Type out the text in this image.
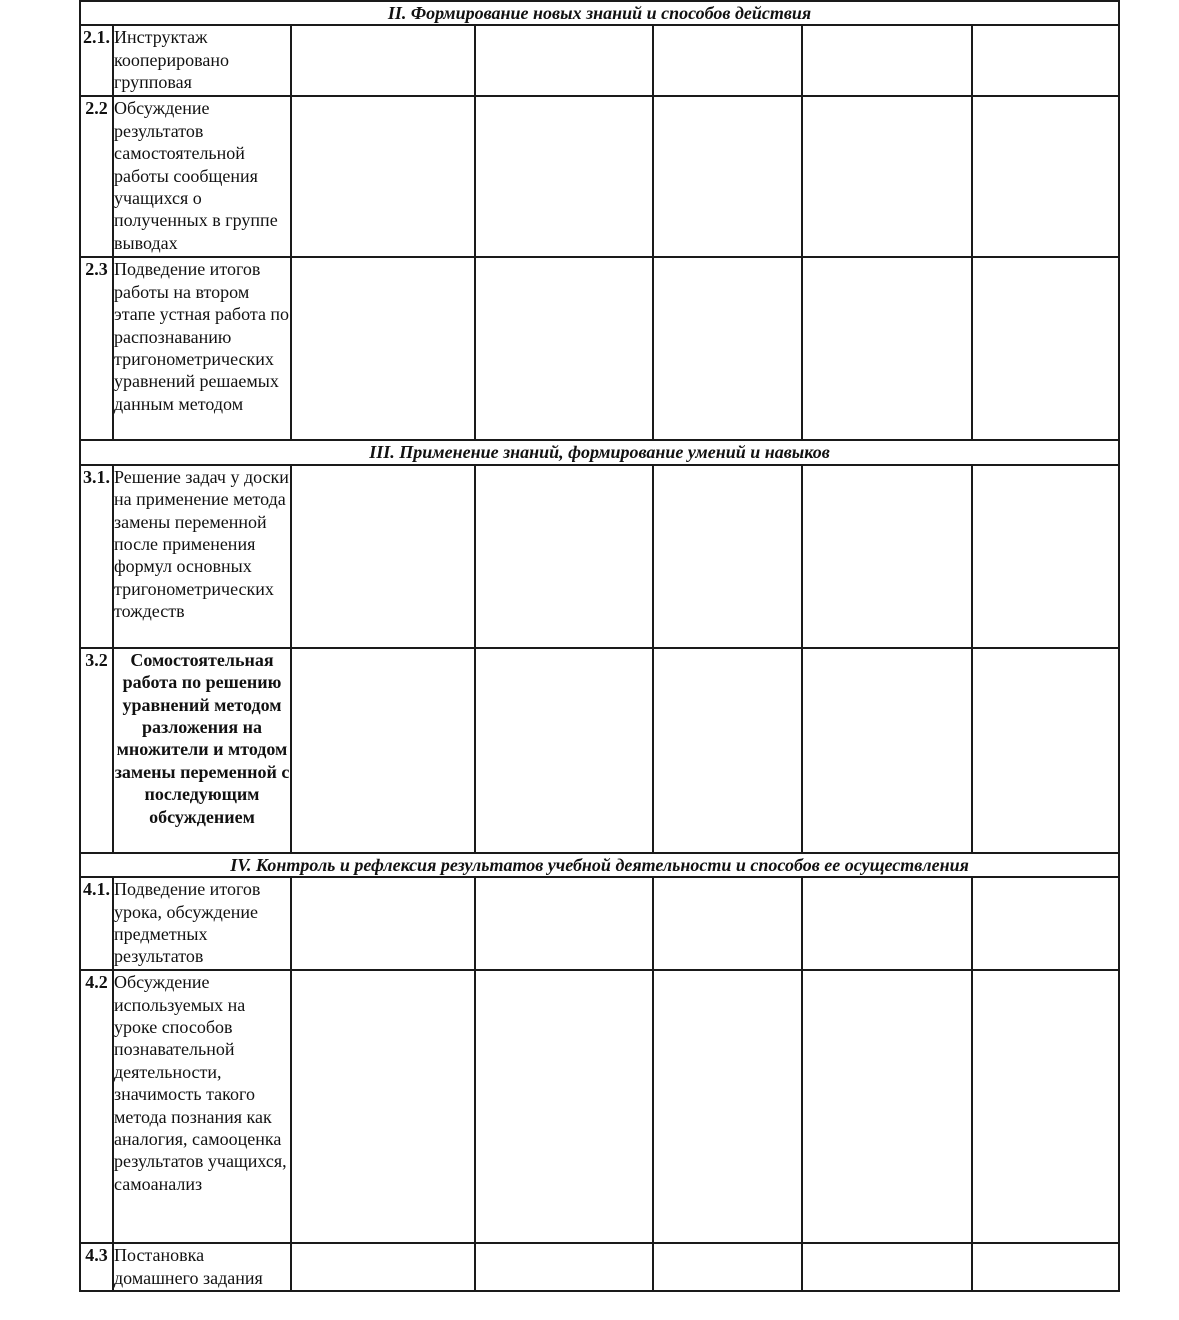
II. Формирование новых знаний и способов действия						
2.1.	Инструктаж кооперировано групповая					
2.2	Обсуждение результатов самостоятельной работы сообщения учащихся о полученных в группе выводах					
2.3	Подведение итогов работы на втором этапе устная работа по распознаванию тригонометрических уравнений решаемых данным методом					
III. Применение знаний, формирование умений и навыков						
3.1.	Решение задач у доски на применение метода замены переменной после применения формул основных тригонометрических тождеств					
3.2	Сомостоятельная работа по решению уравнений методом разложения на множители и мтодом замены переменной с последующим обсуждением					
IV. Контроль и рефлексия результатов учебной деятельности и способов ее осуществления						
4.1.	Подведение итогов урока, обсуждение предметных результатов					
4.2	Обсуждение используемых на уроке способов познавательной деятельности, значимость такого метода познания как аналогия, самооценка результатов учащихся, самоанализ					
4.3	Постановка домашнего задания					
